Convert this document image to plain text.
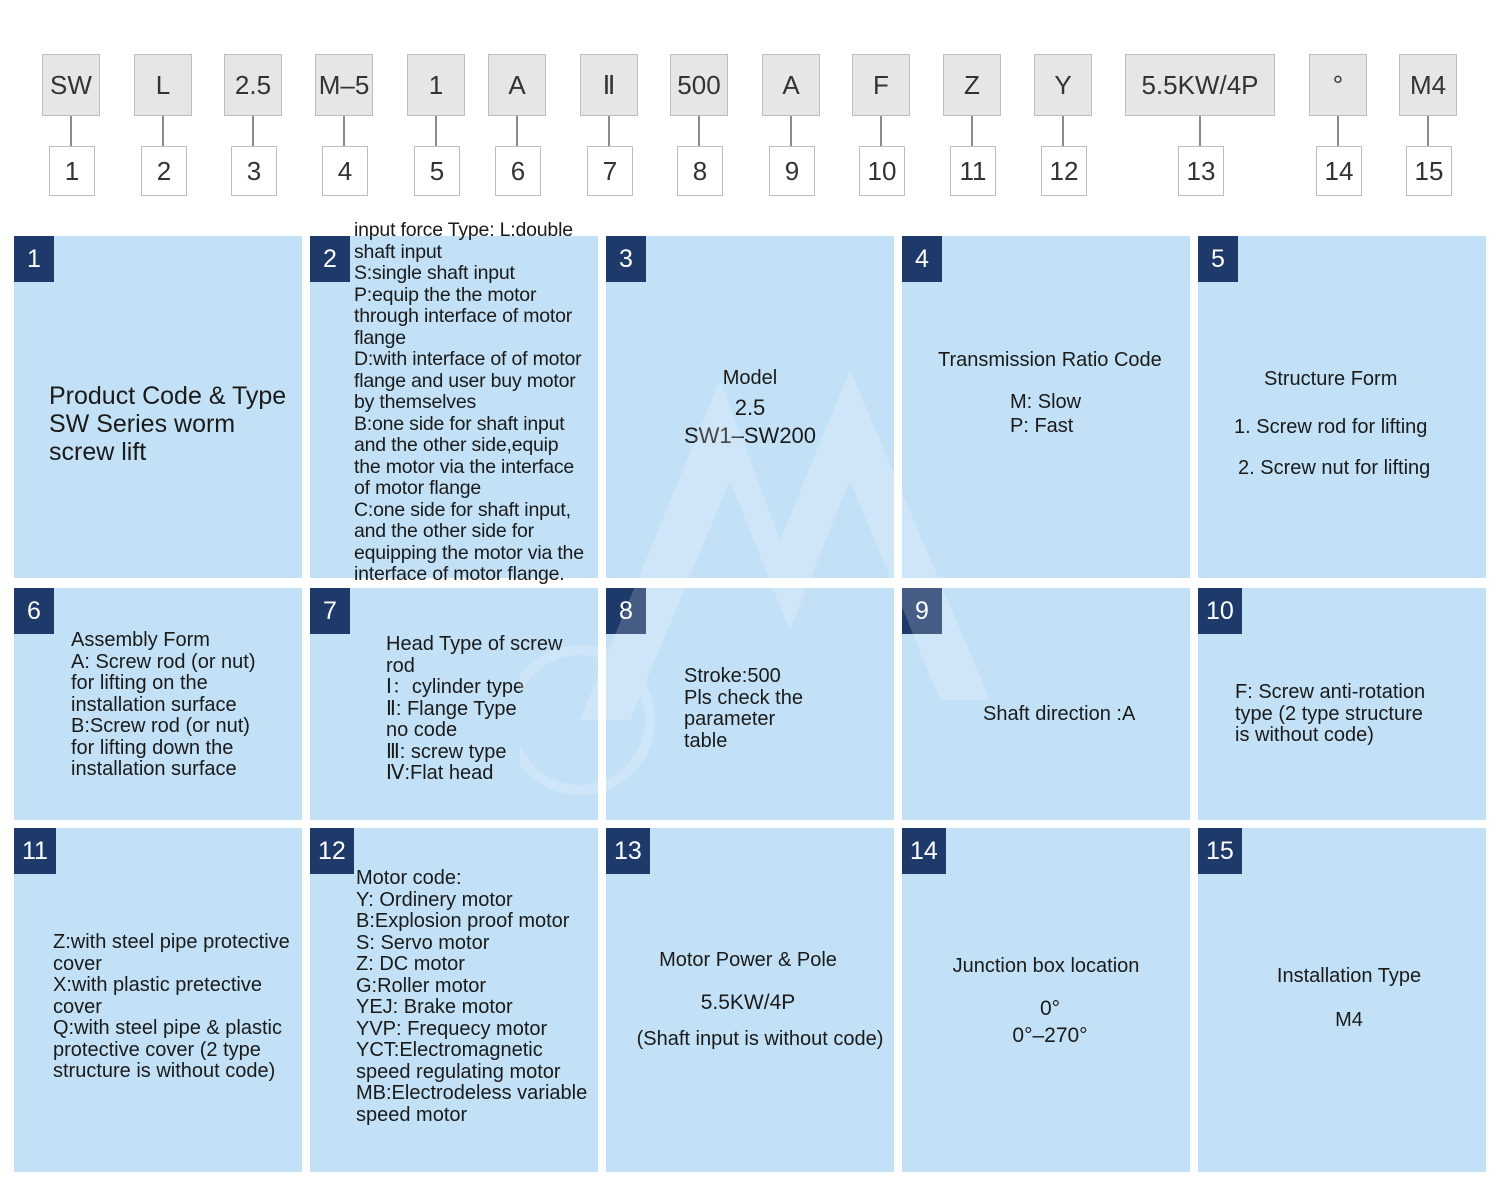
SW	L	2.5	M–5	1	A	Ⅱ	500	A	F	Z	Y	5.5KW/4P	°	M4
1	2	3	4	5	6	7	8	9	10	11	12	13	14	15
1
Product Code & Type
SW Series worm
screw lift
2
input force Type: L:double
shaft input
S:single shaft input
P:equip the the motor
through interface of motor
flange
D:with interface of of motor
flange and user buy motor
by themselves
B:one side for shaft input
and the other side,equip
the motor via the interface
of motor flange
C:one side for shaft input,
and the other side for
equipping the motor via the
interface of motor flange.
3
Model
2.5
SW1–SW200
4
Transmission Ratio Code
M: Slow
P: Fast
5
Structure Form
1. Screw rod for lifting
2. Screw nut for lifting
6
Assembly Form
A: Screw rod (or nut)
for lifting on the
installation surface
B:Screw rod (or nut)
for lifting down the
installation surface
7
Head Type of screw
rod
Ⅰ：cylinder type
Ⅱ: Flange Type
no code
Ⅲ: screw type
Ⅳ:Flat head
8
Stroke:500
Pls check the
parameter
table
9
Shaft direction :A
10
F: Screw anti-rotation
type (2 type structure
is without code)
11
Z:with steel pipe protective
cover
X:with plastic pretective
cover
Q:with steel pipe & plastic
protective cover (2 type
structure is without code)
12
Motor code:
Y: Ordinery motor
B:Explosion proof motor
S: Servo motor
Z: DC motor
G:Roller motor
YEJ: Brake motor
YVP: Frequecy motor
YCT:Electromagnetic
speed regulating motor
MB:Electrodeless variable
speed motor
13
Motor Power & Pole
5.5KW/4P
(Shaft input is without code)
14
Junction box location
0°
0°–270°
15
Installation Type
M4
